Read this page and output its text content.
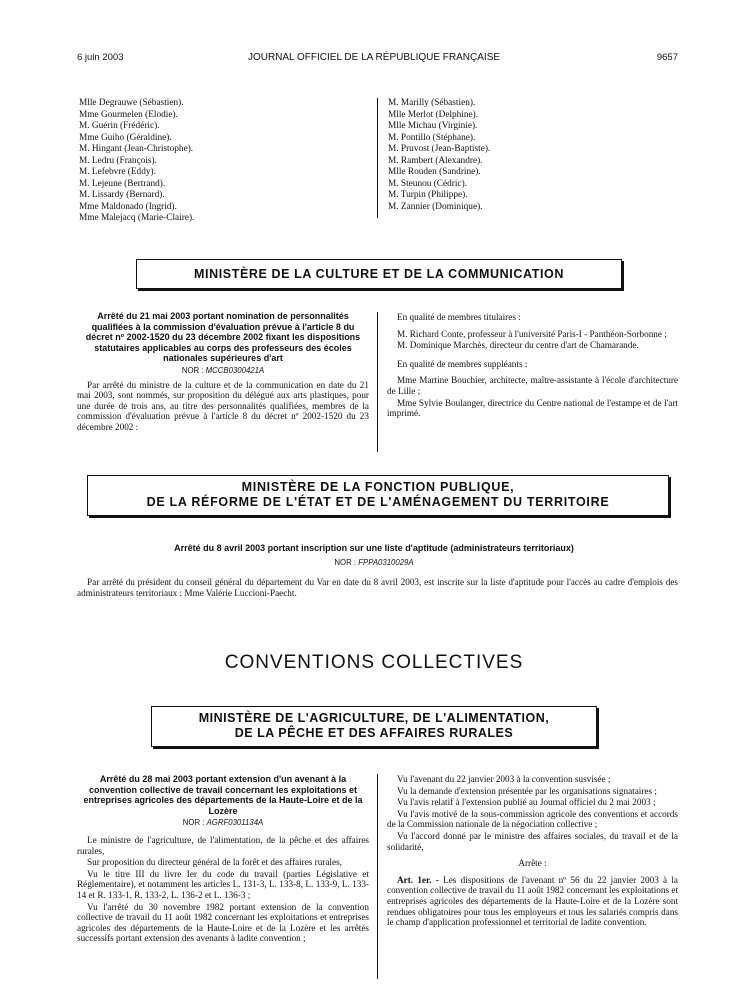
6 juin 2003	JOURNAL OFFICIEL DE LA RÉPUBLIQUE FRANÇAISE	9657
Mlle Degrauwe (Sébastien).
Mme Gourmelen (Elodie).
M. Guérin (Frédéric).
Mme Guiho (Géraldine).
M. Hingant (Jean-Christophe).
M. Ledru (François).
M. Lefebvre (Eddy).
M. Lejeune (Bertrand).
M. Lissardy (Bernard).
Mme Maldonado (Ingrid).
Mme Malejacq (Marie-Claire).
M. Marilly (Sébastien).
Mlle Merlot (Delphine).
Mlle Michau (Virginie).
M. Pontillo (Stéphane).
M. Pruvost (Jean-Baptiste).
M. Rambert (Alexandre).
Mlle Rouden (Sandrine).
M. Steunou (Cédric).
M. Turpin (Philippe).
M. Zannier (Dominique).
MINISTÈRE DE LA CULTURE ET DE LA COMMUNICATION
Arrêté du 21 mai 2003 portant nomination de personnalités qualifiées à la commission d'évaluation prévue à l'article 8 du décret nº 2002-1520 du 23 décembre 2002 fixant les dispositions statutaires applicables au corps des professeurs des écoles nationales supérieures d'art
NOR : MCCB0300421A

Par arrêté du ministre de la culture et de la communication en date du 21 mai 2003, sont nommés, sur proposition du délégué aux arts plastiques, pour une durée de trois ans, au titre des personnalités qualifiées, membres de la commission d'évaluation prévue à l'article 8 du décret nº 2002-1520 du 23 décembre 2002 :

En qualité de membres titulaires :

M. Richard Conte, professeur à l'université Paris-I - Panthéon-Sorbonne ;

M. Dominique Marchès, directeur du centre d'art de Chamarande.

En qualité de membres suppléants :

Mme Martine Bouchier, architecte, maître-assistante à l'école d'architecture de Lille ;

Mme Sylvie Boulanger, directrice du Centre national de l'estampe et de l'art imprimé.

MINISTÈRE DE LA FONCTION PUBLIQUE,
DE LA RÉFORME DE L'ÉTAT ET DE L'AMÉNAGEMENT DU TERRITOIRE
Arrêté du 8 avril 2003 portant inscription sur une liste d'aptitude (administrateurs territoriaux)
NOR : FPPA0310029A

Par arrêté du président du conseil général du département du Var en date du 8 avril 2003, est inscrite sur la liste d'aptitude pour l'accès au cadre d'emplois des administrateurs territoriaux : Mme Valérie Luccioni-Paecht.

CONVENTIONS COLLECTIVES
MINISTÈRE DE L'AGRICULTURE, DE L'ALIMENTATION,
DE LA PÊCHE ET DES AFFAIRES RURALES
Arrêté du 28 mai 2003 portant extension d'un avenant à la convention collective de travail concernant les exploitations et entreprises agricoles des départements de la Haute-Loire et de la Lozère
NOR : AGRF0301134A

Le ministre de l'agriculture, de l'alimentation, de la pêche et des affaires rurales,

Sur proposition du directeur général de la forêt et des affaires rurales,

Vu le titre III du livre Ier du code du travail (parties Législative et Réglementaire), et notamment les articles L. 131-3, L. 133-8, L. 133-9, L. 133-14 et R. 133-1, R. 133-2, L. 136-2 et L. 136-3 ;

Vu l'arrêté du 30 novembre 1982 portant extension de la convention collective de travail du 11 août 1982 concernant les exploitations et entreprises agricoles des départements de la Haute-Loire et de la Lozère et les arrêtés successifs portant extension des avenants à ladite convention ;

Vu l'avenant du 22 janvier 2003 à la convention susvisée ;

Vu la demande d'extension présentée par les organisations signataires ;

Vu l'avis relatif à l'extension publié au Journal officiel du 2 mai 2003 ;

Vu l'avis motivé de la sous-commission agricole des conventions et accords de la Commission nationale de la négociation collective ;

Vu l'accord donné par le ministre des affaires sociales, du travail et de la solidarité,

Arrête :

Art. 1er. - Les dispositions de l'avenant nº 56 du 22 janvier 2003 à la convention collective de travail du 11 août 1982 concernant les exploitations et entreprises agricoles des départements de la Haute-Loire et de la Lozère sont rendues obligatoires pour tous les employeurs et tous les salariés compris dans le champ d'application professionnel et territorial de ladite convention.
